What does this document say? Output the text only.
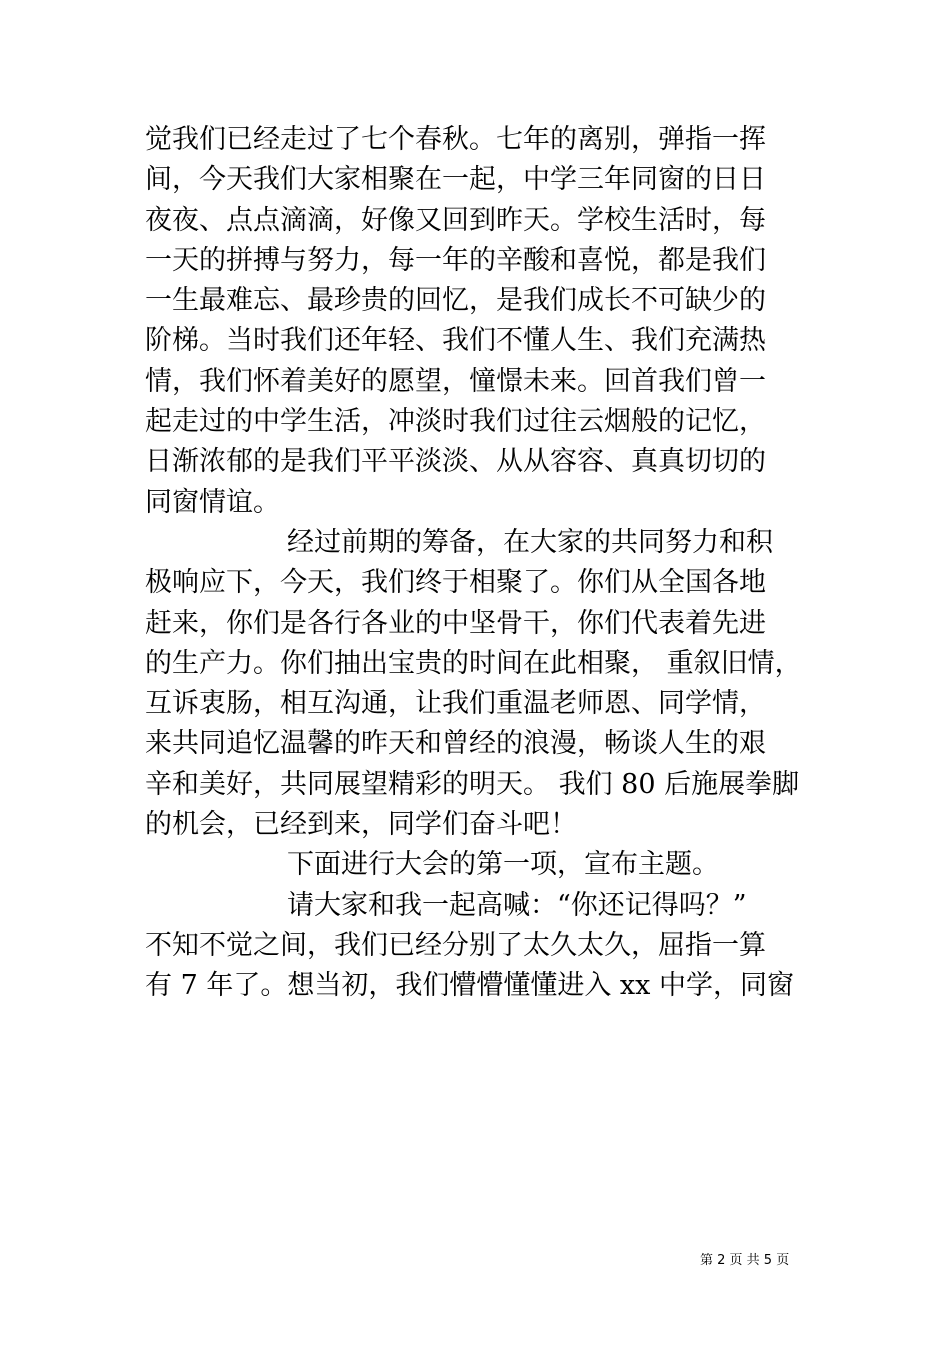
觉我们已经走过了七个春秋。七年的离别，弹指一挥
间，今天我们大家相聚在一起，中学三年同窗的日日
夜夜、点点滴滴，好像又回到昨天。学校生活时，每
一天的拼搏与努力，每一年的辛酸和喜悦，都是我们
一生最难忘、最珍贵的回忆，是我们成长不可缺少的
阶梯。当时我们还年轻、我们不懂人生、我们充满热
情，我们怀着美好的愿望，憧憬未来。回首我们曾一
起走过的中学生活，冲淡时我们过往云烟般的记忆，
日渐浓郁的是我们平平淡淡、从从容容、真真切切的
同窗情谊。
经过前期的筹备，在大家的共同努力和积
极响应下，今天，我们终于相聚了。你们从全国各地
赶来，你们是各行各业的中坚骨干，你们代表着先进
的生产力。你们抽出宝贵的时间在此相聚， 重叙旧情，
互诉衷肠，相互沟通，让我们重温老师恩、同学情，
来共同追忆温馨的昨天和曾经的浪漫，畅谈人生的艰
辛和美好，共同展望精彩的明天。 我们 80 后施展拳脚
的机会，已经到来，同学们奋斗吧！
下面进行大会的第一项，宣布主题。
请大家和我一起高喊：“你还记得吗？”
不知不觉之间，我们已经分别了太久太久，屈指一算
有 7 年了。想当初，我们懵懵懂懂进入 xx 中学，同窗
第 2 页 共 5 页
